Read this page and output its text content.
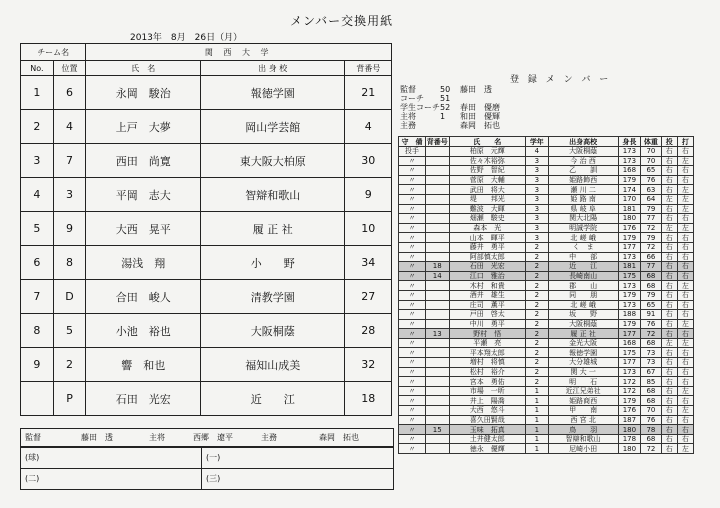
メンバー交換用紙
2013年　8月　26日（月）
チーム名		関 西 大 学		
No.	位置	氏　名	出 身 校	背番号
1	6	永岡　駿治	報徳学園	21
2	4	上戸　大夢	岡山学芸館	4
3	7	西田　尚寛	東大阪大柏原	30
4	3	平岡　志大	智辯和歌山	9
5	9	大西　晃平	履 正 社	10
6	8	湯浅　翔	小　　野	34
7	D	合田　峻人	清教学園	27
8	5	小池　裕也	大阪桐蔭	28
9	2	響　和也	福知山成美	32
	P	石田　光宏	近　　江	18
監督	藤田　透	主将	西郷　遼平	主務	森岡　拓也
(球)	(一)
(二)	(三)
登 録 メ ン バ ー
監督	50 藤田　透
コーチ 51
学生コーチ 52 春田　優磨
主将	1 和田　優輝
主務	森岡　拓也
守　備	背番号	氏　　名	学年	出身高校	身長	体重	投	打
投手		柏原　元輝	4	大阪桐蔭	173	70	右	右
〃		佐々木裕弥	3	今 治 西	173	70	右	左
〃		佐野　智紀	3	乙　　訓	168	65	右	右
〃		菅原　大輔	3	姫路飾西	179	76	右	右
〃		武田　将大	3	瀬 川 二	174	63	右	左
〃		堤　　邦光	3	姫 路 南	170	64	左	左
〃		難波　大暉	3	県 岐 阜	181	79	右	左
〃		畑瀬　駿史	3	関大北陽	180	77	右	右
〃		森本　光	3	明誠学院	176	72	左	左
〃		山本　暉平	3	北 嵯 峨	179	79	右	右
〃		藤井　勇平	2	く　ま	177	72	右	右
〃		阿部慎太郎	2	中　　部	173	66	右	右
〃	18	石田　光宏	2	近　　江	181	77	右	右
〃	14	江口　雅治	2	長崎南山	175	68	右	右
〃		木村　和貴	2	郡　　山	173	68	右	左
〃		酒井　雄生	2	同　　朋	179	79	右	右
〃		庄司　薫平	2	北 嵯 峨	173	65	右	右
〃		戸田　啓太	2	坂　　野	188	91	右	右
〃		中川　勇平	2	大阪桐蔭	179	76	右	左
〃	13	野村　悟	2	履 正 社	177	72	右	右
〃		平瀬　亮	2	金光大阪	168	68	左	左
〃		平本翔太郎	2	報徳学園	175	73	右	右
〃		増村　将慎	2	大分雄城	177	73	右	右
〃		松村　裕介	2	関 大 一	173	67	右	右
〃		宮本　勇佑	2	明　　石	172	85	右	右
〃		市場　一昕	1	近江兄弟社	172	68	右	左
〃		井上　陽喬	1	姫路商西	179	68	右	右
〃		大西　悠斗	1	甲　　南	176	70	右	左
〃		喜久田賢哉	1	西 宮 北	187	76	右	右
〃	15	玉味　拓真	1	鳥　　羽	180	78	右	右
〃		土井健太郎	1	智辯和歌山	178	68	右	右
〃		徳永　優輝	1	尼崎小田	180	72	右	左
